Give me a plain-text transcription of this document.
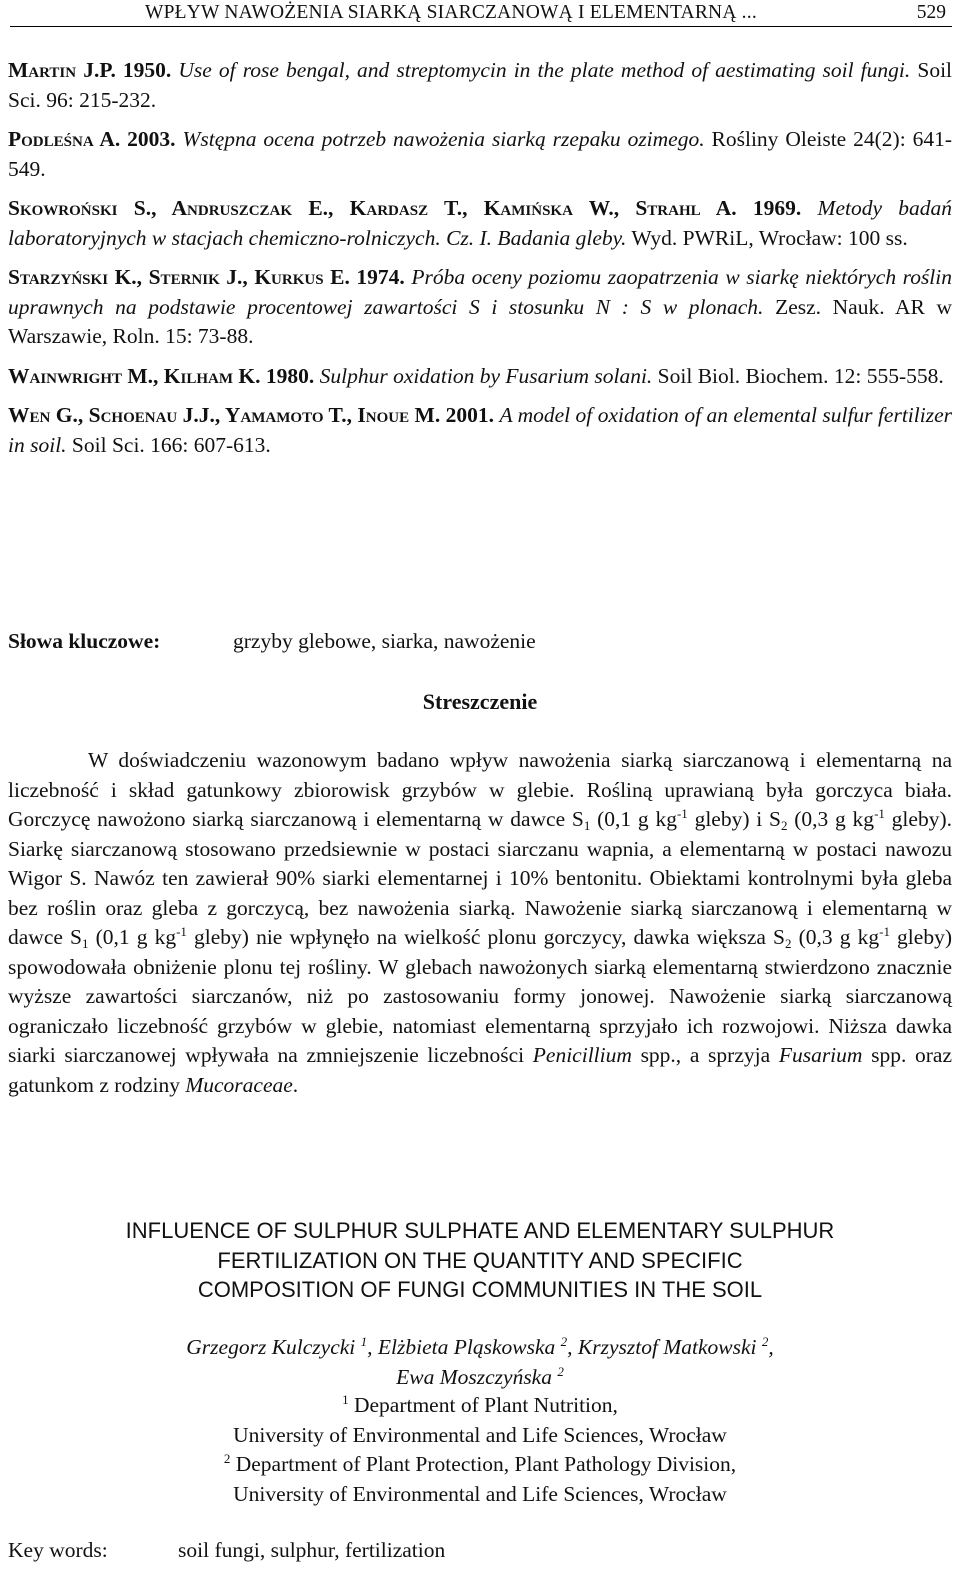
WPŁYW NAWOŻENIA SIARKĄ SIARCZANOWĄ I ELEMENTARNĄ ...	529

Martin J.P. 1950. Use of rose bengal, and streptomycin in the plate method of aestimating soil fungi. Soil Sci. 96: 215-232.

Podleśna A. 2003. Wstępna ocena potrzeb nawożenia siarką rzepaku ozimego. Rośliny Oleiste 24(2): 641-549.

Skowroński S., Andruszczak E., Kardasz T., Kamińska W., Strahl A. 1969. Metody badań laboratoryjnych w stacjach chemiczno-rolniczych. Cz. I. Badania gleby. Wyd. PWRiL, Wrocław: 100 ss.

Starzyński K., Sternik J., Kurkus E. 1974. Próba oceny poziomu zaopatrzenia w siarkę niektórych roślin uprawnych na podstawie procentowej zawartości S i stosunku N : S w plonach. Zesz. Nauk. AR w Warszawie, Roln. 15: 73-88.

Wainwright M., Kilham K. 1980. Sulphur oxidation by Fusarium solani. Soil Biol. Biochem. 12: 555-558.

Wen G., Schoenau J.J., Yamamoto T., Inoue M. 2001. A model of oxidation of an elemental sulfur fertilizer in soil. Soil Sci. 166: 607-613.

Słowa kluczowe:	grzyby glebowe, siarka, nawożenie
Streszczenie

W doświadczeniu wazonowym badano wpływ nawożenia siarką siarczanową i elementarną na liczebność i skład gatunkowy zbiorowisk grzybów w glebie. Rośliną uprawianą była gorczyca biała. Gorczycę nawożono siarką siarczanową i elementarną w dawce $S_1$ (0,1 g $kg^{-1}$ gleby) i $S_2$ (0,3 g $kg^{-1}$ gleby). Siarkę siarczanową stosowano przedsiewnie w postaci siarczanu wapnia, a elementarną w postaci nawozu Wigor S. Nawóz ten zawierał 90% siarki elementarnej i 10% bentonitu. Obiektami kontrolnymi była gleba bez roślin oraz gleba z gorczycą, bez nawożenia siarką. Nawożenie siarką siarczanową i elementarną w dawce $S_1$ (0,1 g $kg^{-1}$ gleby) nie wpłynęło na wielkość plonu gorczycy, dawka większa $S_2$ (0,3 g $kg^{-1}$ gleby) spowodowała obniżenie plonu tej rośliny. W glebach nawożonych siarką elementarną stwierdzono znacznie wyższe zawartości siarczanów, niż po zastosowaniu formy jonowej. Nawożenie siarką siarczanową ograniczało liczebność grzybów w glebie, natomiast elementarną sprzyjało ich rozwojowi. Niższa dawka siarki siarczanowej wpływała na zmniejszenie liczebności Penicillium spp., a sprzyja Fusarium spp. oraz gatunkom z rodziny Mucoraceae.

INFLUENCE OF SULPHUR SULPHATE AND ELEMENTARY SULPHUR
FERTILIZATION ON THE QUANTITY AND SPECIFIC
COMPOSITION OF FUNGI COMMUNITIES IN THE SOIL
Grzegorz Kulczycki $^1$, Elżbieta Pląskowska $^2$, Krzysztof Matkowski $^2$,
Ewa Moszczyńska $^2$
$^1$ Department of Plant Nutrition,
University of Environmental and Life Sciences, Wrocław
$^2$ Department of Plant Protection, Plant Pathology Division,
University of Environmental and Life Sciences, Wrocław
Key words:	soil fungi, sulphur, fertilization
